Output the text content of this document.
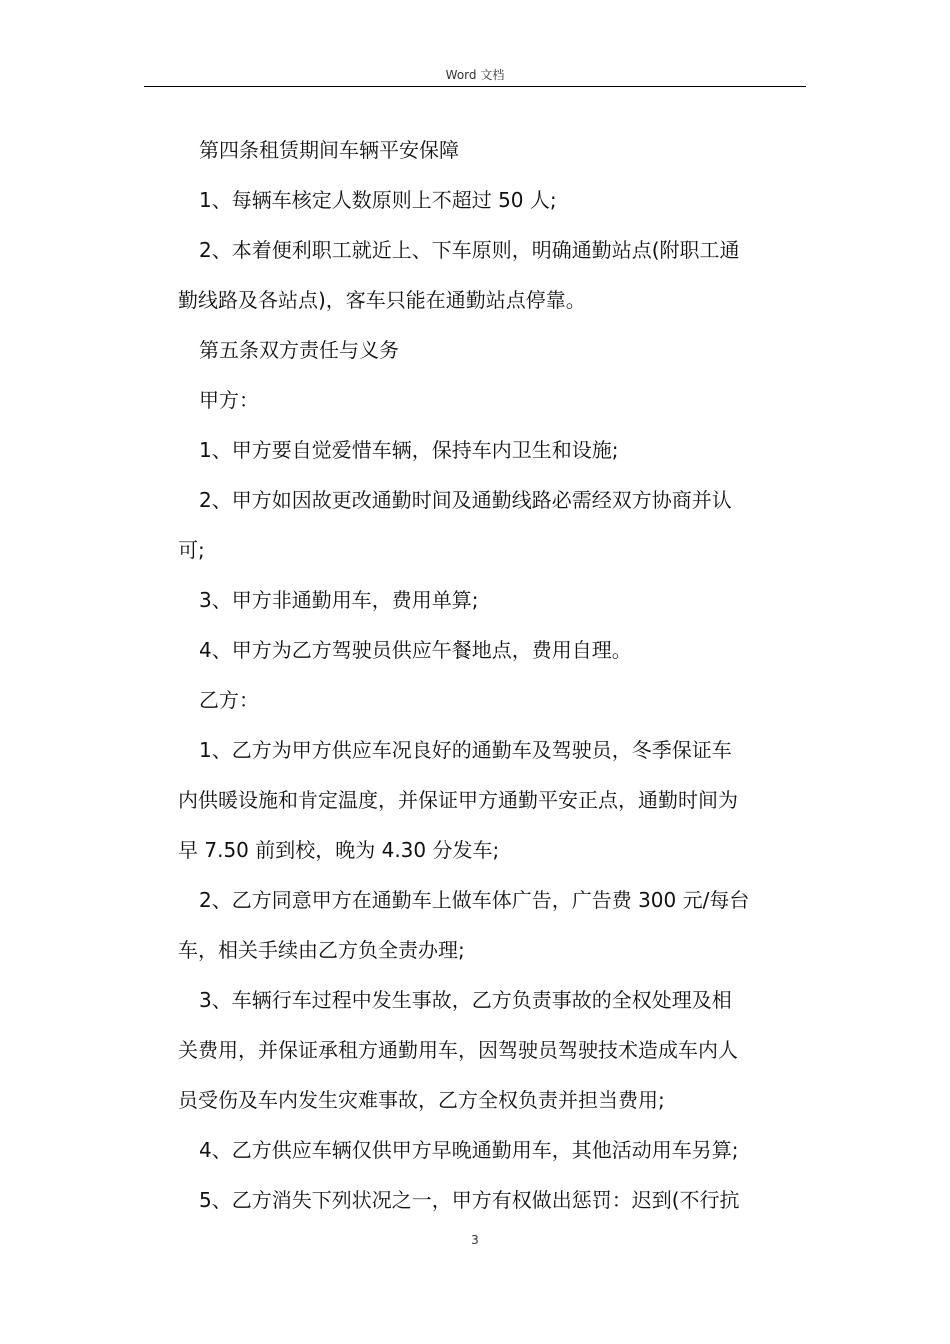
Word 文档
第四条租赁期间车辆平安保障
1、每辆车核定人数原则上不超过 50 人;
2、本着便利职工就近上、下车原则，明确通勤站点(附职工通
勤线路及各站点)，客车只能在通勤站点停靠。
第五条双方责任与义务
甲方：
1、甲方要自觉爱惜车辆，保持车内卫生和设施;
2、甲方如因故更改通勤时间及通勤线路必需经双方协商并认
可;
3、甲方非通勤用车，费用单算;
4、甲方为乙方驾驶员供应午餐地点，费用自理。
乙方：
1、乙方为甲方供应车况良好的通勤车及驾驶员，冬季保证车
内供暖设施和肯定温度，并保证甲方通勤平安正点，通勤时间为
早 7.50 前到校，晚为 4.30 分发车;
2、乙方同意甲方在通勤车上做车体广告，广告费 300 元/每台
车，相关手续由乙方负全责办理;
3、车辆行车过程中发生事故，乙方负责事故的全权处理及相
关费用，并保证承租方通勤用车，因驾驶员驾驶技术造成车内人
员受伤及车内发生灾难事故，乙方全权负责并担当费用;
4、乙方供应车辆仅供甲方早晚通勤用车，其他活动用车另算;
5、乙方消失下列状况之一，甲方有权做出惩罚：迟到(不行抗
3
